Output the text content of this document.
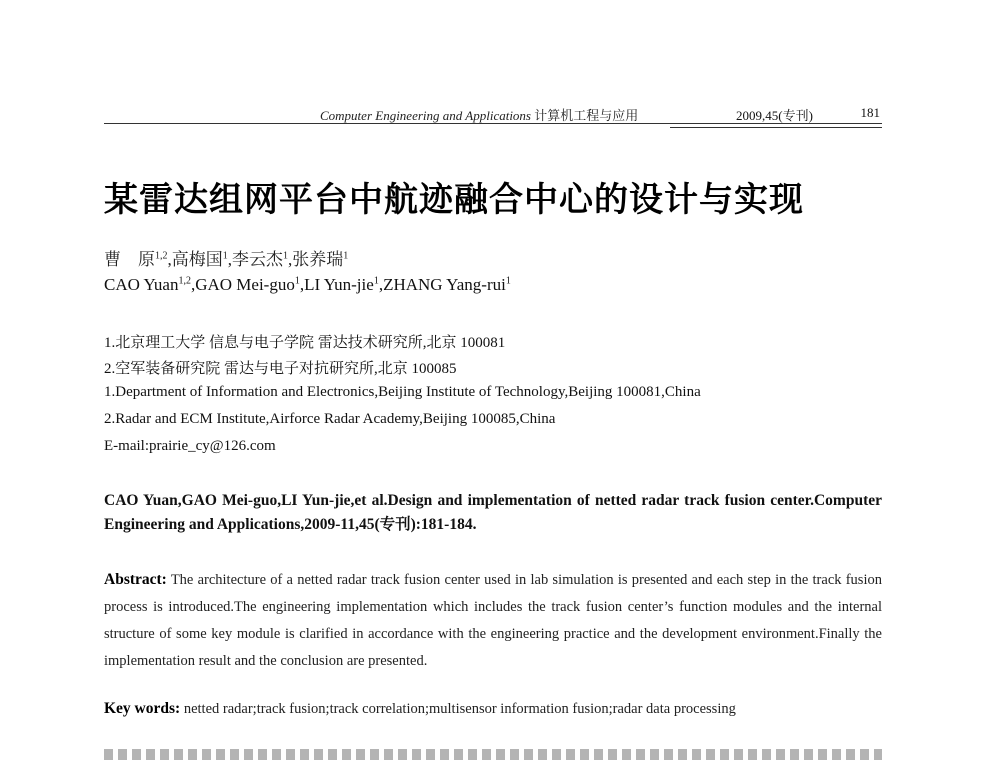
Computer Engineering and Applications 计算机工程与应用	2009,45(专刊)	181
某雷达组网平台中航迹融合中心的设计与实现
曹　原$^{1,2}$,高梅国$^1$,李云杰$^1$,张养瑞$^1$
CAO Yuan$^{1,2}$,GAO Mei-guo$^1$,LI Yun-jie$^1$,ZHANG Yang-rui$^1$
1.北京理工大学 信息与电子学院 雷达技术研究所,北京 100081
2.空军装备研究院 雷达与电子对抗研究所,北京 100085
1.Department of Information and Electronics,Beijing Institute of Technology,Beijing 100081,China
2.Radar and ECM Institute,Airforce Radar Academy,Beijing 100085,China
E-mail:prairie_cy@126.com
CAO Yuan,GAO Mei-guo,LI Yun-jie,et al.Design and implementation of netted radar track fusion center.Computer Engineering and Applications,2009-11,45(专刊):181-184.
Abstract: The architecture of a netted radar track fusion center used in lab simulation is presented and each step in the track fusion process is introduced.The engineering implementation which includes the track fusion center’s function modules and the internal structure of some key module is clarified in accordance with the engineering practice and the development environment.Finally the implementation result and the conclusion are presented.
Key words: netted radar;track fusion;track correlation;multisensor information fusion;radar data processing
